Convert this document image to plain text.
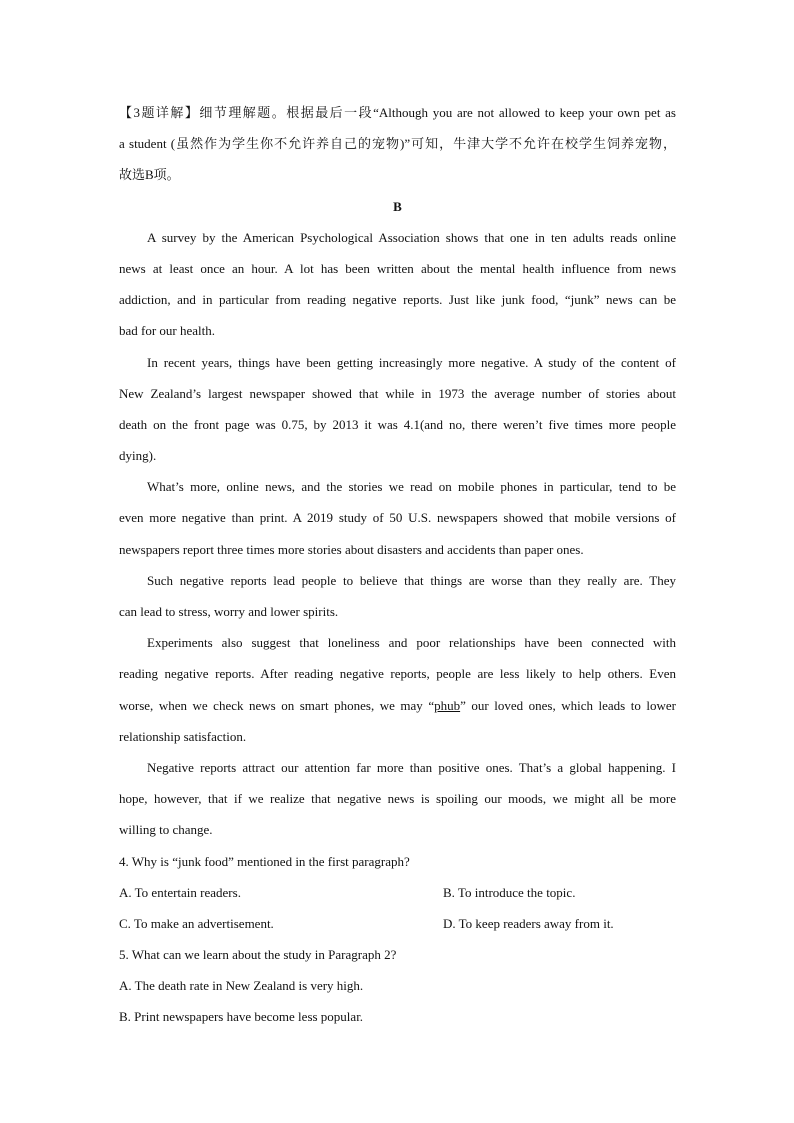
【3题详解】细节理解题。根据最后一段“Although you are not allowed to keep your own pet as
a student (虽然作为学生你不允许养自己的宠物)”可知，牛津大学不允许在校学生饲养宠物，
故选B项。
B
A survey by the American Psychological Association shows that one in ten adults reads online
news at least once an hour. A lot has been written about the mental health influence from news
addiction, and in particular from reading negative reports. Just like junk food, “junk” news can be
bad for our health.
In recent years, things have been getting increasingly more negative. A study of the content of
New Zealand’s largest newspaper showed that while in 1973 the average number of stories about
death on the front page was 0.75, by 2013 it was 4.1(and no, there weren’t five times more people
dying).
What’s more, online news, and the stories we read on mobile phones in particular, tend to be
even more negative than print. A 2019 study of 50 U.S. newspapers showed that mobile versions of
newspapers report three times more stories about disasters and accidents than paper ones.
Such negative reports lead people to believe that things are worse than they really are. They
can lead to stress, worry and lower spirits.
Experiments also suggest that loneliness and poor relationships have been connected with
reading negative reports. After reading negative reports, people are less likely to help others. Even
worse, when we check news on smart phones, we may “phub” our loved ones, which leads to lower
relationship satisfaction.
Negative reports attract our attention far more than positive ones. That’s a global happening. I
hope, however, that if we realize that negative news is spoiling our moods, we might all be more
willing to change.
4. Why is “junk food” mentioned in the first paragraph?
A. To entertain readers.	B. To introduce the topic.
C. To make an advertisement.	D. To keep readers away from it.
5. What can we learn about the study in Paragraph 2?
A. The death rate in New Zealand is very high.
B. Print newspapers have become less popular.
